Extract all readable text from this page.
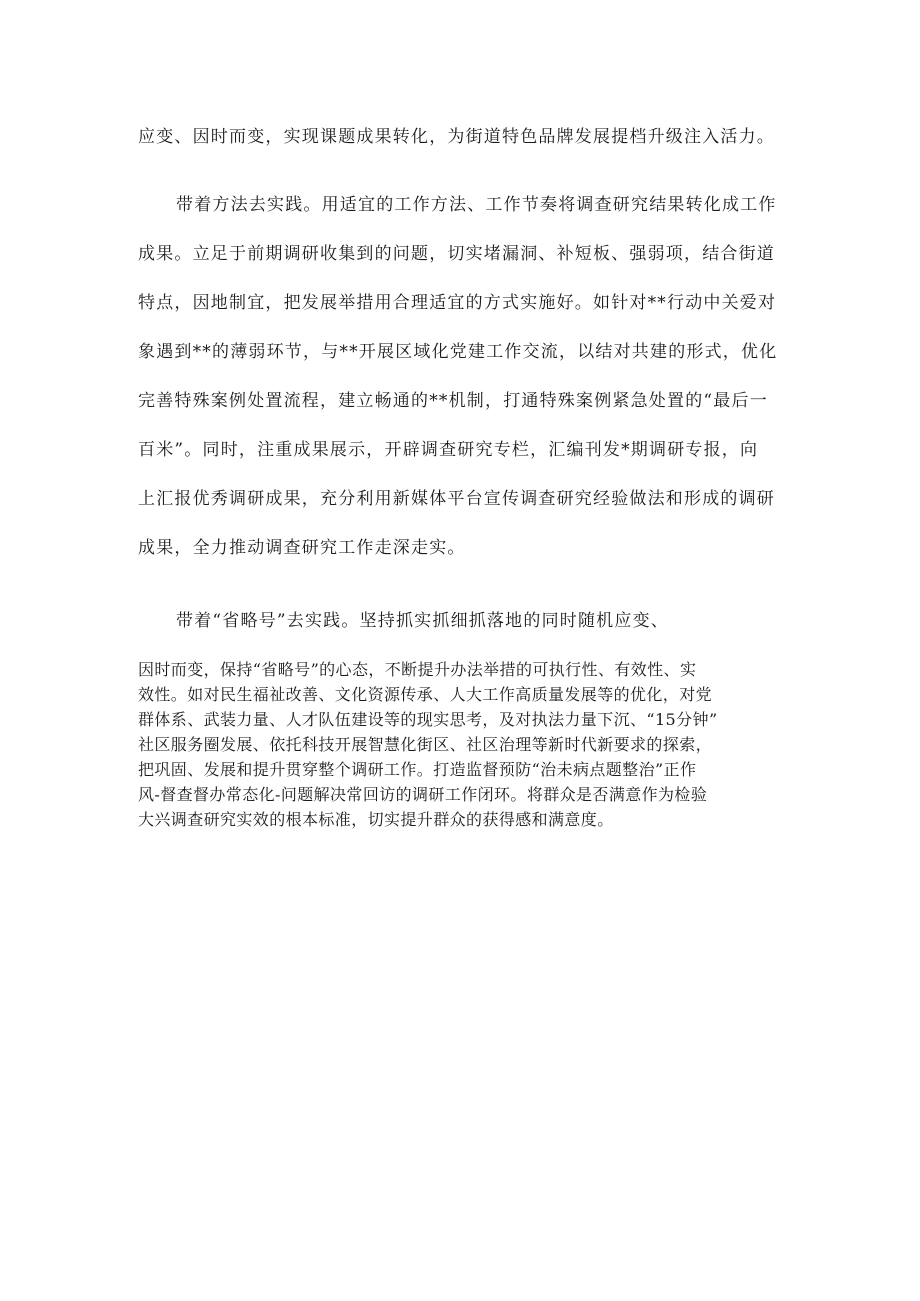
应变、因时而变，实现课题成果转化，为街道特色品牌发展提档升级注入活力。
带着方法去实践。用适宜的工作方法、工作节奏将调查研究结果转化成工作
成果。立足于前期调研收集到的问题，切实堵漏洞、补短板、强弱项，结合街道
特点，因地制宜，把发展举措用合理适宜的方式实施好。如针对**行动中关爱对
象遇到**的薄弱环节，与**开展区域化党建工作交流，以结对共建的形式，优化
完善特殊案例处置流程，建立畅通的**机制，打通特殊案例紧急处置的“最后一
百米”。同时，注重成果展示，开辟调查研究专栏，汇编刊发*期调研专报，向
上汇报优秀调研成果，充分利用新媒体平台宣传调查研究经验做法和形成的调研
成果，全力推动调查研究工作走深走实。
带着“省略号”去实践。坚持抓实抓细抓落地的同时随机应变、
因时而变，保持“省略号”的心态，不断提升办法举措的可执行性、有效性、实
效性。如对民生福祉改善、文化资源传承、人大工作高质量发展等的优化，对党
群体系、武装力量、人才队伍建设等的现实思考，及对执法力量下沉、“15分钟”
社区服务圈发展、依托科技开展智慧化街区、社区治理等新时代新要求的探索，
把巩固、发展和提升贯穿整个调研工作。打造监督预防“治未病点题整治”正作
风-督查督办常态化-问题解决常回访的调研工作闭环。将群众是否满意作为检验
大兴调查研究实效的根本标准，切实提升群众的获得感和满意度。
